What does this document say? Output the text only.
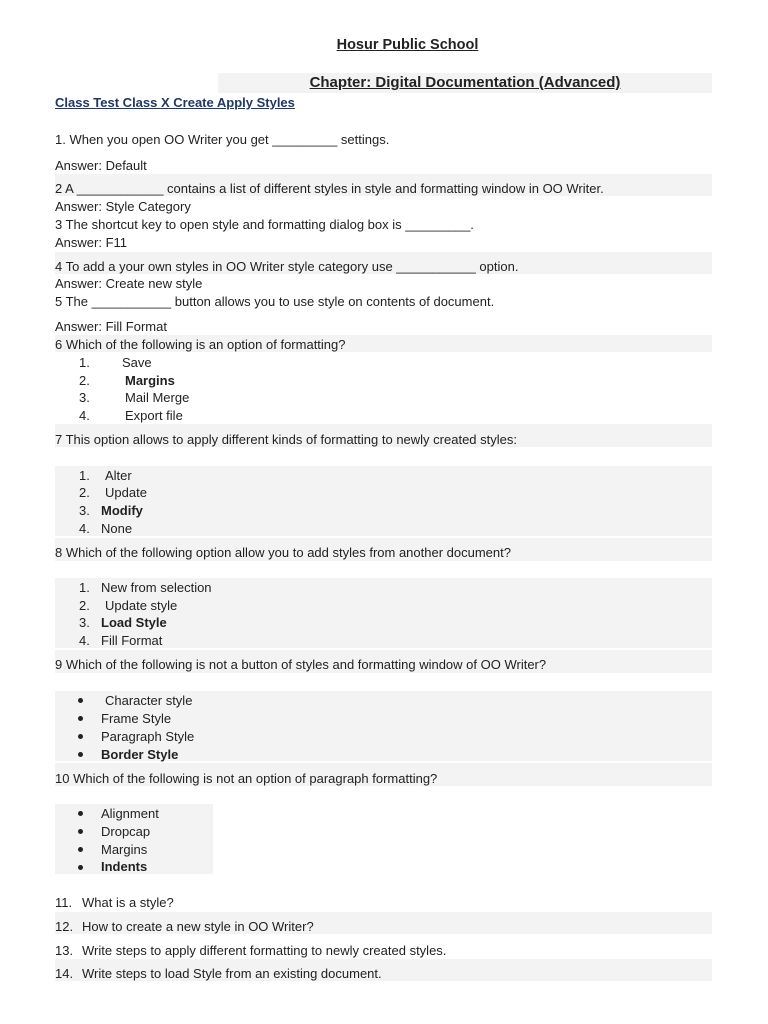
Hosur Public School
Chapter: Digital Documentation (Advanced)
Class Test Class X Create Apply Styles
1. When you open OO Writer you get _________ settings.
Answer: Default
2 A ____________ contains a list of different styles in style and formatting window in OO Writer.
Answer: Style Category
3 The shortcut key to open style and formatting dialog box is _________.
Answer: F11
4 To add a your own styles in OO Writer style category use ___________ option.
Answer: Create new style
5 The ___________ button allows you to use style on contents of document.
Answer: Fill Format
6 Which of the following is an option of formatting?
1. Save
2.	Margins
3.	Mail Merge
4.	Export file
7 This option allows to apply different kinds of formatting to newly created styles:
1. Alter
2. Update
3. Modify
4. None
8 Which of the following option allow you to add styles from another document?
1. New from selection
2. Update style
3. Load Style
4. Fill Format
9 Which of the following is not a button of styles and formatting window of OO Writer?
Character style
Frame Style
Paragraph Style
Border Style
10 Which of the following is not an option of paragraph formatting?
Alignment
Dropcap
Margins
Indents
11. What is a style?
12. How to create a new style in OO Writer?
13. Write steps to apply different formatting to newly created styles.
14. Write steps to load Style from an existing document.
